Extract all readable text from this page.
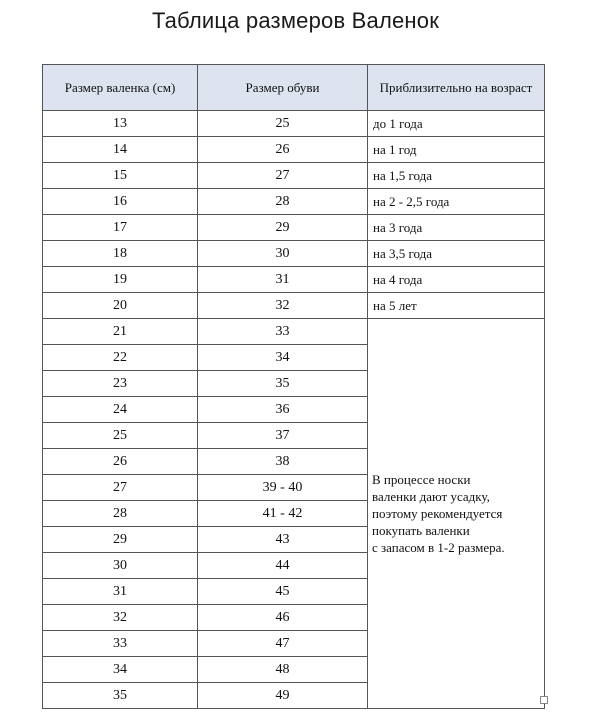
Таблица размеров Валенок
Размер валенка (см)	Размер обуви	Приблизительно на возраст
13	25	до 1 года
14	26	на 1 год
15	27	на 1,5 года
16	28	на 2 - 2,5 года
17	29	на 3 года
18	30	на 3,5 года
19	31	на 4 года
20	32	на 5 лет
21	33	В процессе носки
валенки дают усадку,
поэтому рекомендуется
покупать валенки
с запасом в 1-2 размера.

22	34	
23	35	
24	36	
25	37	
26	38	
27	39 - 40	
28	41 - 42	
29	43	
30	44	
31	45	
32	46	
33	47	
34	48	
35	49	
